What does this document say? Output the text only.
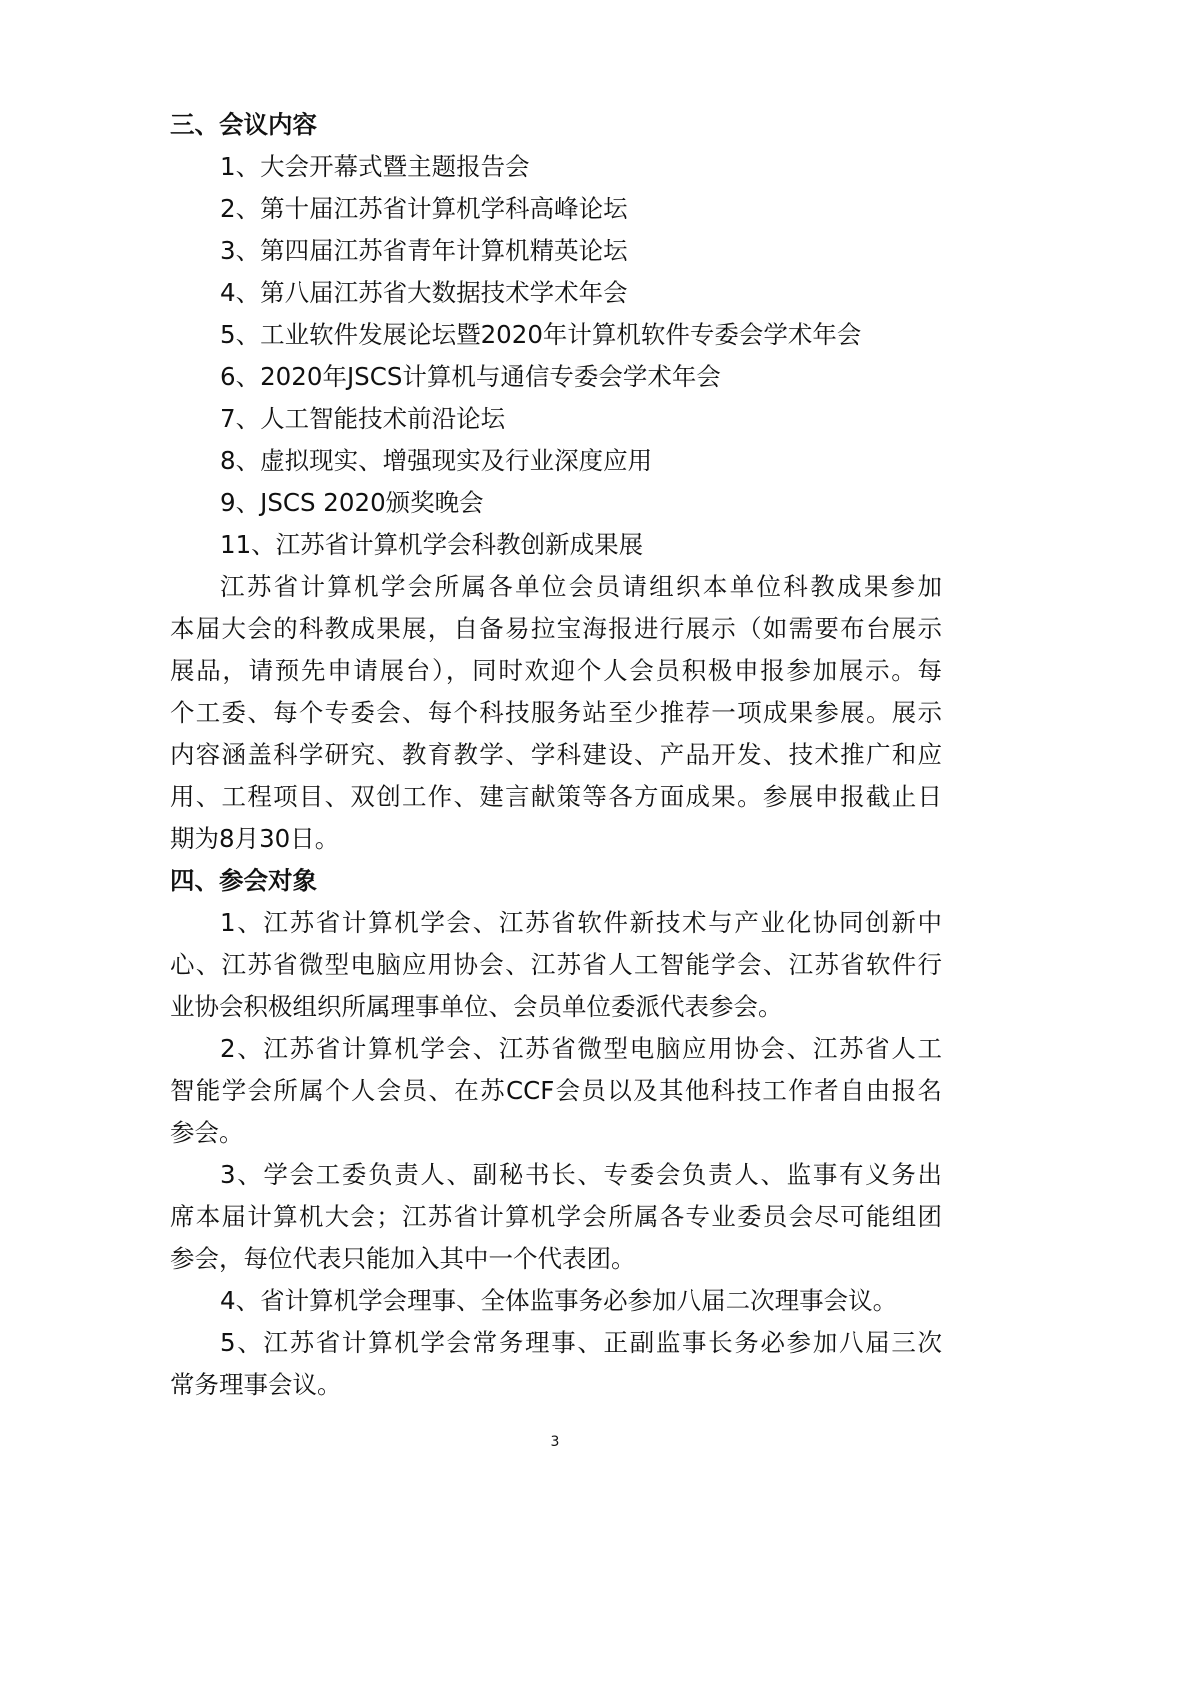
三、会议内容
1、大会开幕式暨主题报告会
2、第十届江苏省计算机学科高峰论坛
3、第四届江苏省青年计算机精英论坛
4、第八届江苏省大数据技术学术年会
5、工业软件发展论坛暨2020年计算机软件专委会学术年会
6、2020年JSCS计算机与通信专委会学术年会
7、人工智能技术前沿论坛
8、虚拟现实、增强现实及行业深度应用
9、JSCS 2020颁奖晚会
11、江苏省计算机学会科教创新成果展
江苏省计算机学会所属各单位会员请组织本单位科教成果参加
本届大会的科教成果展，自备易拉宝海报进行展示（如需要布台展示
展品，请预先申请展台），同时欢迎个人会员积极申报参加展示。每
个工委、每个专委会、每个科技服务站至少推荐一项成果参展。展示
内容涵盖科学研究、教育教学、学科建设、产品开发、技术推广和应
用、工程项目、双创工作、建言献策等各方面成果。参展申报截止日
期为8月30日。
四、参会对象
1、江苏省计算机学会、江苏省软件新技术与产业化协同创新中
心、江苏省微型电脑应用协会、江苏省人工智能学会、江苏省软件行
业协会积极组织所属理事单位、会员单位委派代表参会。
2、江苏省计算机学会、江苏省微型电脑应用协会、江苏省人工
智能学会所属个人会员、在苏CCF会员以及其他科技工作者自由报名
参会。
3、学会工委负责人、副秘书长、专委会负责人、监事有义务出
席本届计算机大会；江苏省计算机学会所属各专业委员会尽可能组团
参会，每位代表只能加入其中一个代表团。
4、省计算机学会理事、全体监事务必参加八届二次理事会议。
5、江苏省计算机学会常务理事、正副监事长务必参加八届三次
常务理事会议。
3
